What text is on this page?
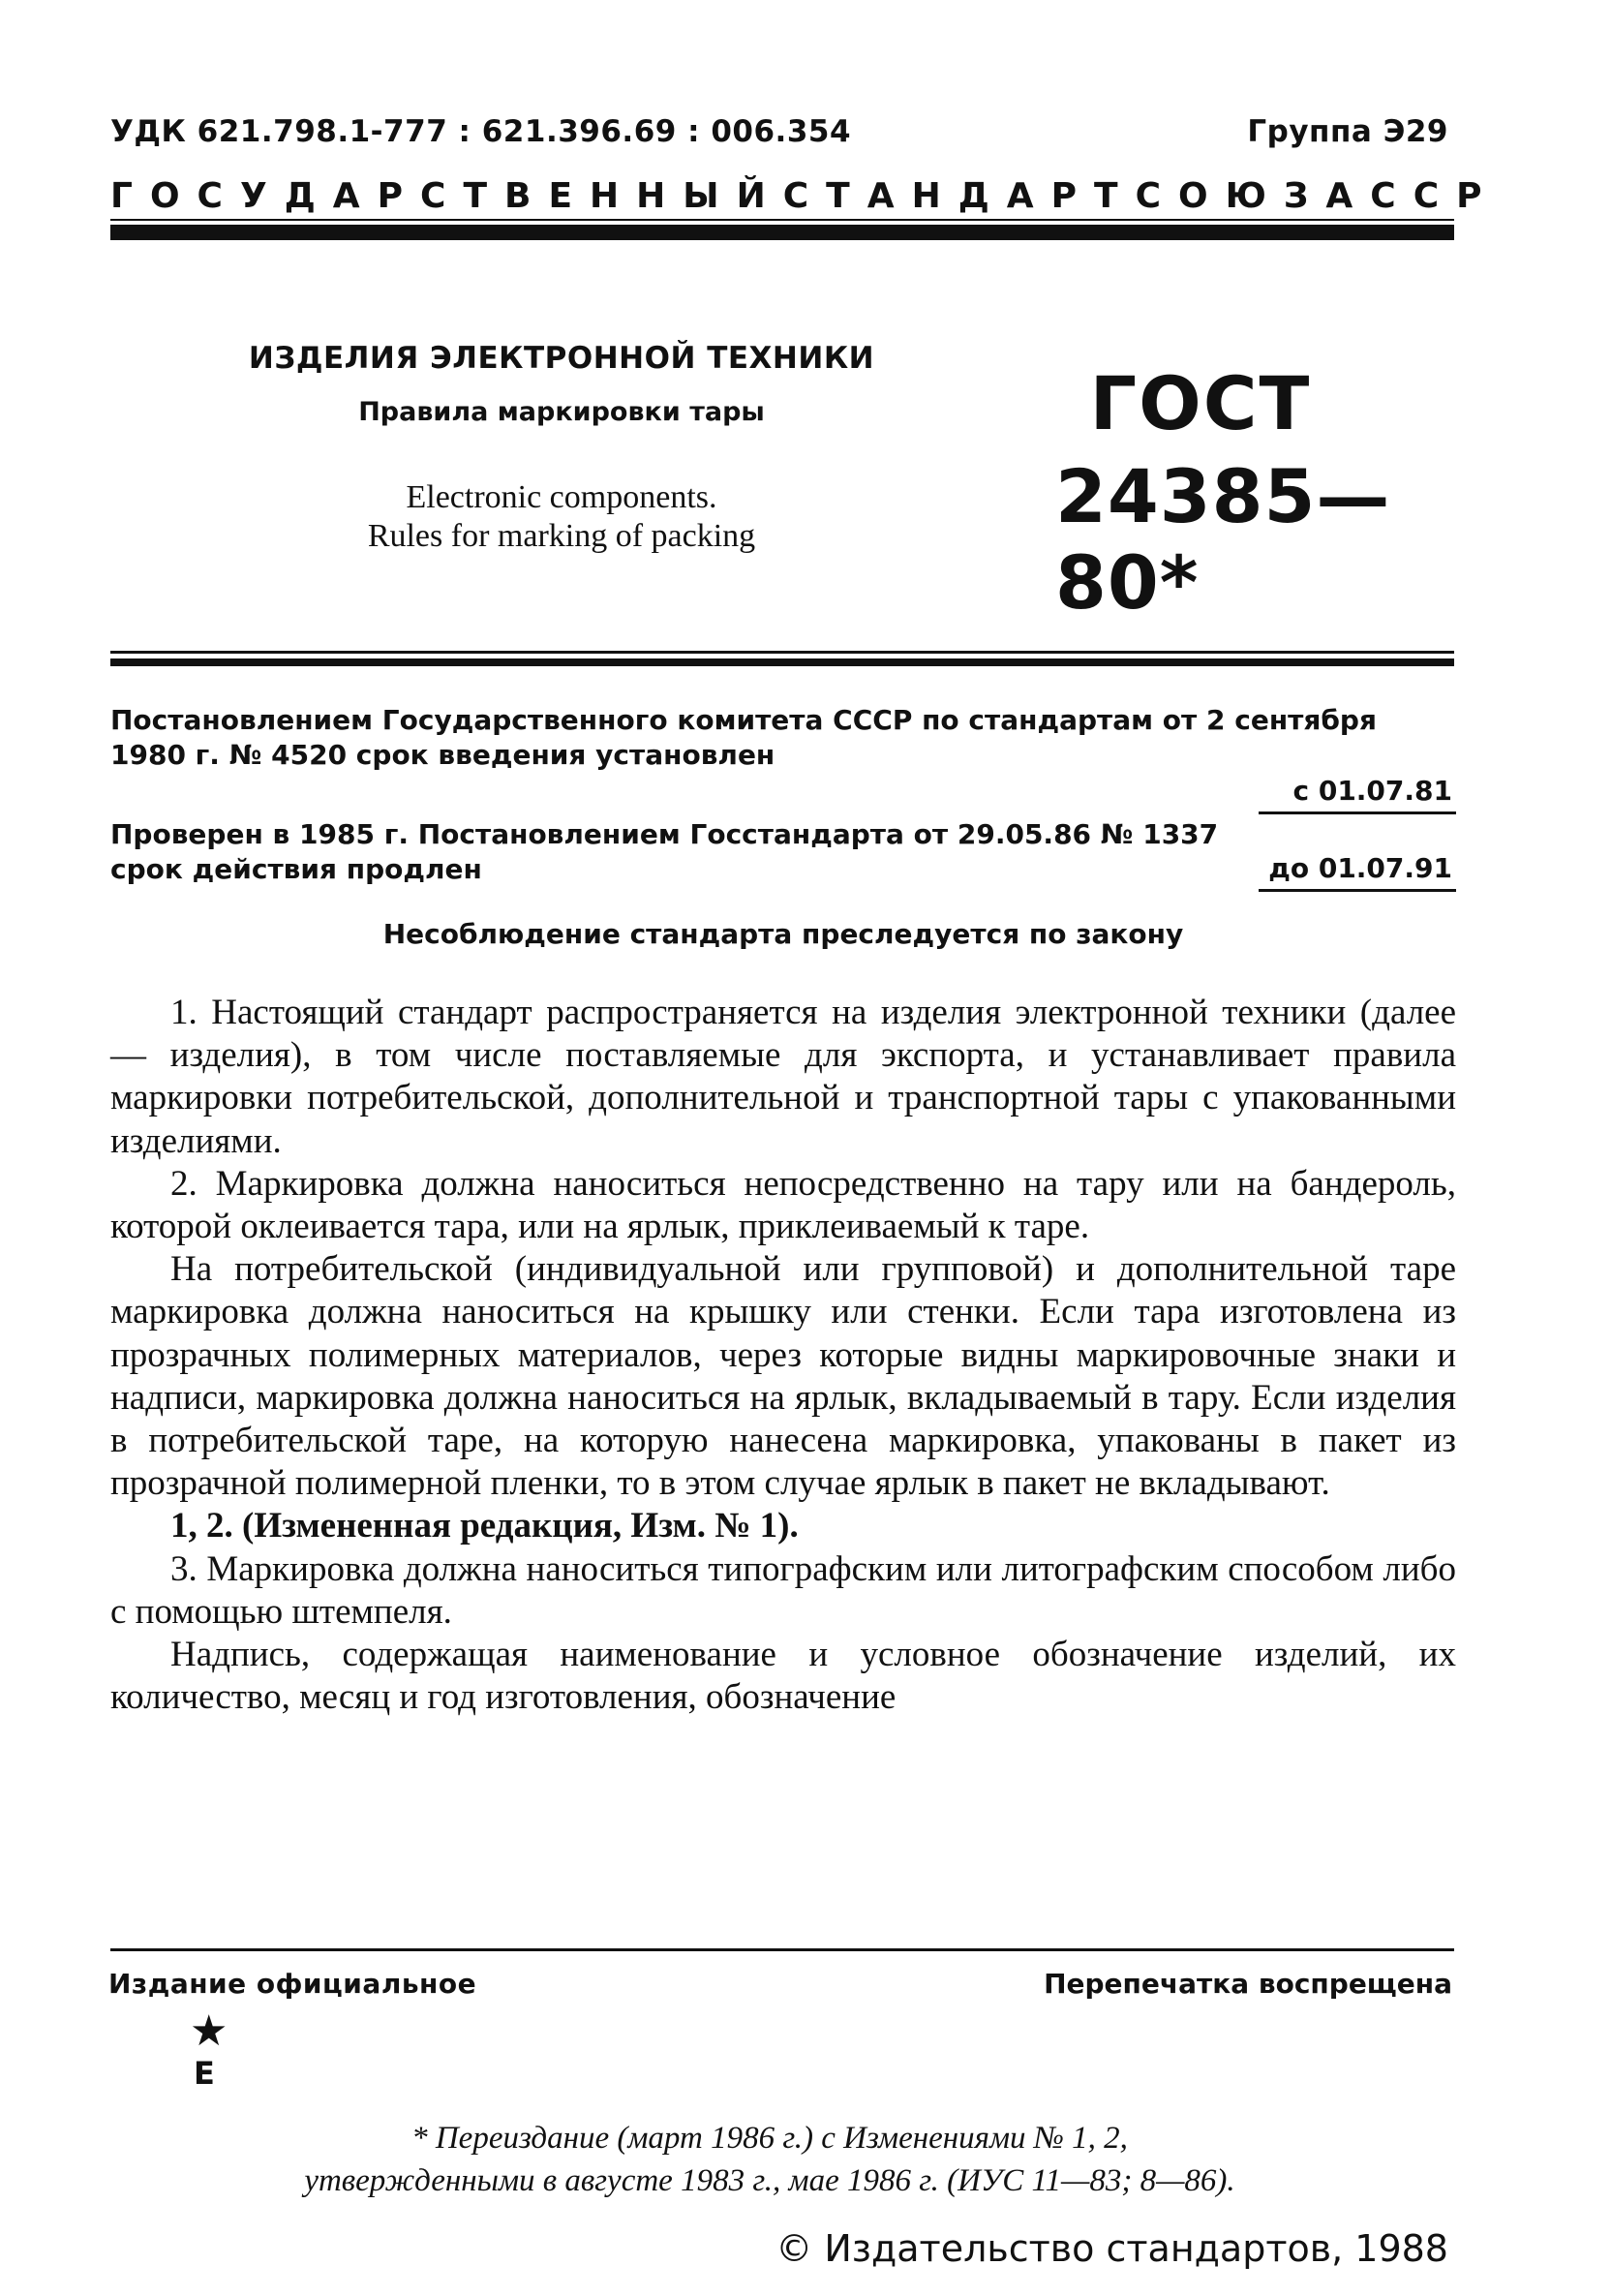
УДК 621.798.1-777 : 621.396.69 : 006.354	Группа Э29
ГОСУДАРСТВЕННЫЙ СТАНДАРТ СОЮЗА ССР
ИЗДЕЛИЯ ЭЛЕКТРОННОЙ ТЕХНИКИ
Правила маркировки тары
Electronic components.
Rules for marking of packing
ГОСТ
24385—80*
Постановлением Государственного комитета СССР по стандартам от 2 сентября 1980 г. № 4520 срок введения установлен
с 01.07.81
Проверен в 1985 г. Постановлением Госстандарта от 29.05.86 № 1337 срок действия продлен	до 01.07.91
Несоблюдение стандарта преследуется по закону

1. Настоящий стандарт распространяется на изделия электронной техники (далее — изделия), в том числе поставляемые для экспорта, и устанавливает правила маркировки потребительской, дополнительной и транспортной тары с упакованными изделиями.

2. Маркировка должна наноситься непосредственно на тару или на бандероль, которой оклеивается тара, или на ярлык, приклеиваемый к таре.

На потребительской (индивидуальной или групповой) и дополнительной таре маркировка должна наноситься на крышку или стенки. Если тара изготовлена из прозрачных полимерных материалов, через которые видны маркировочные знаки и надписи, маркировка должна наноситься на ярлык, вкладываемый в тару. Если изделия в потребительской таре, на которую нанесена маркировка, упакованы в пакет из прозрачной полимерной пленки, то в этом случае ярлык в пакет не вкладывают.

1, 2. (Измененная редакция, Изм. № 1).

3. Маркировка должна наноситься типографским или литографским способом либо с помощью штемпеля.

Надпись, содержащая наименование и условное обозначение изделий, их количество, месяц и год изготовления, обозначение

Издание официальное	Перепечатка воспрещена
★
Е
* Переиздание (март 1986 г.) с Изменениями № 1, 2,
утвержденными в августе 1983 г., мае 1986 г. (ИУС 11—83; 8—86).
© Издательство стандартов, 1988
